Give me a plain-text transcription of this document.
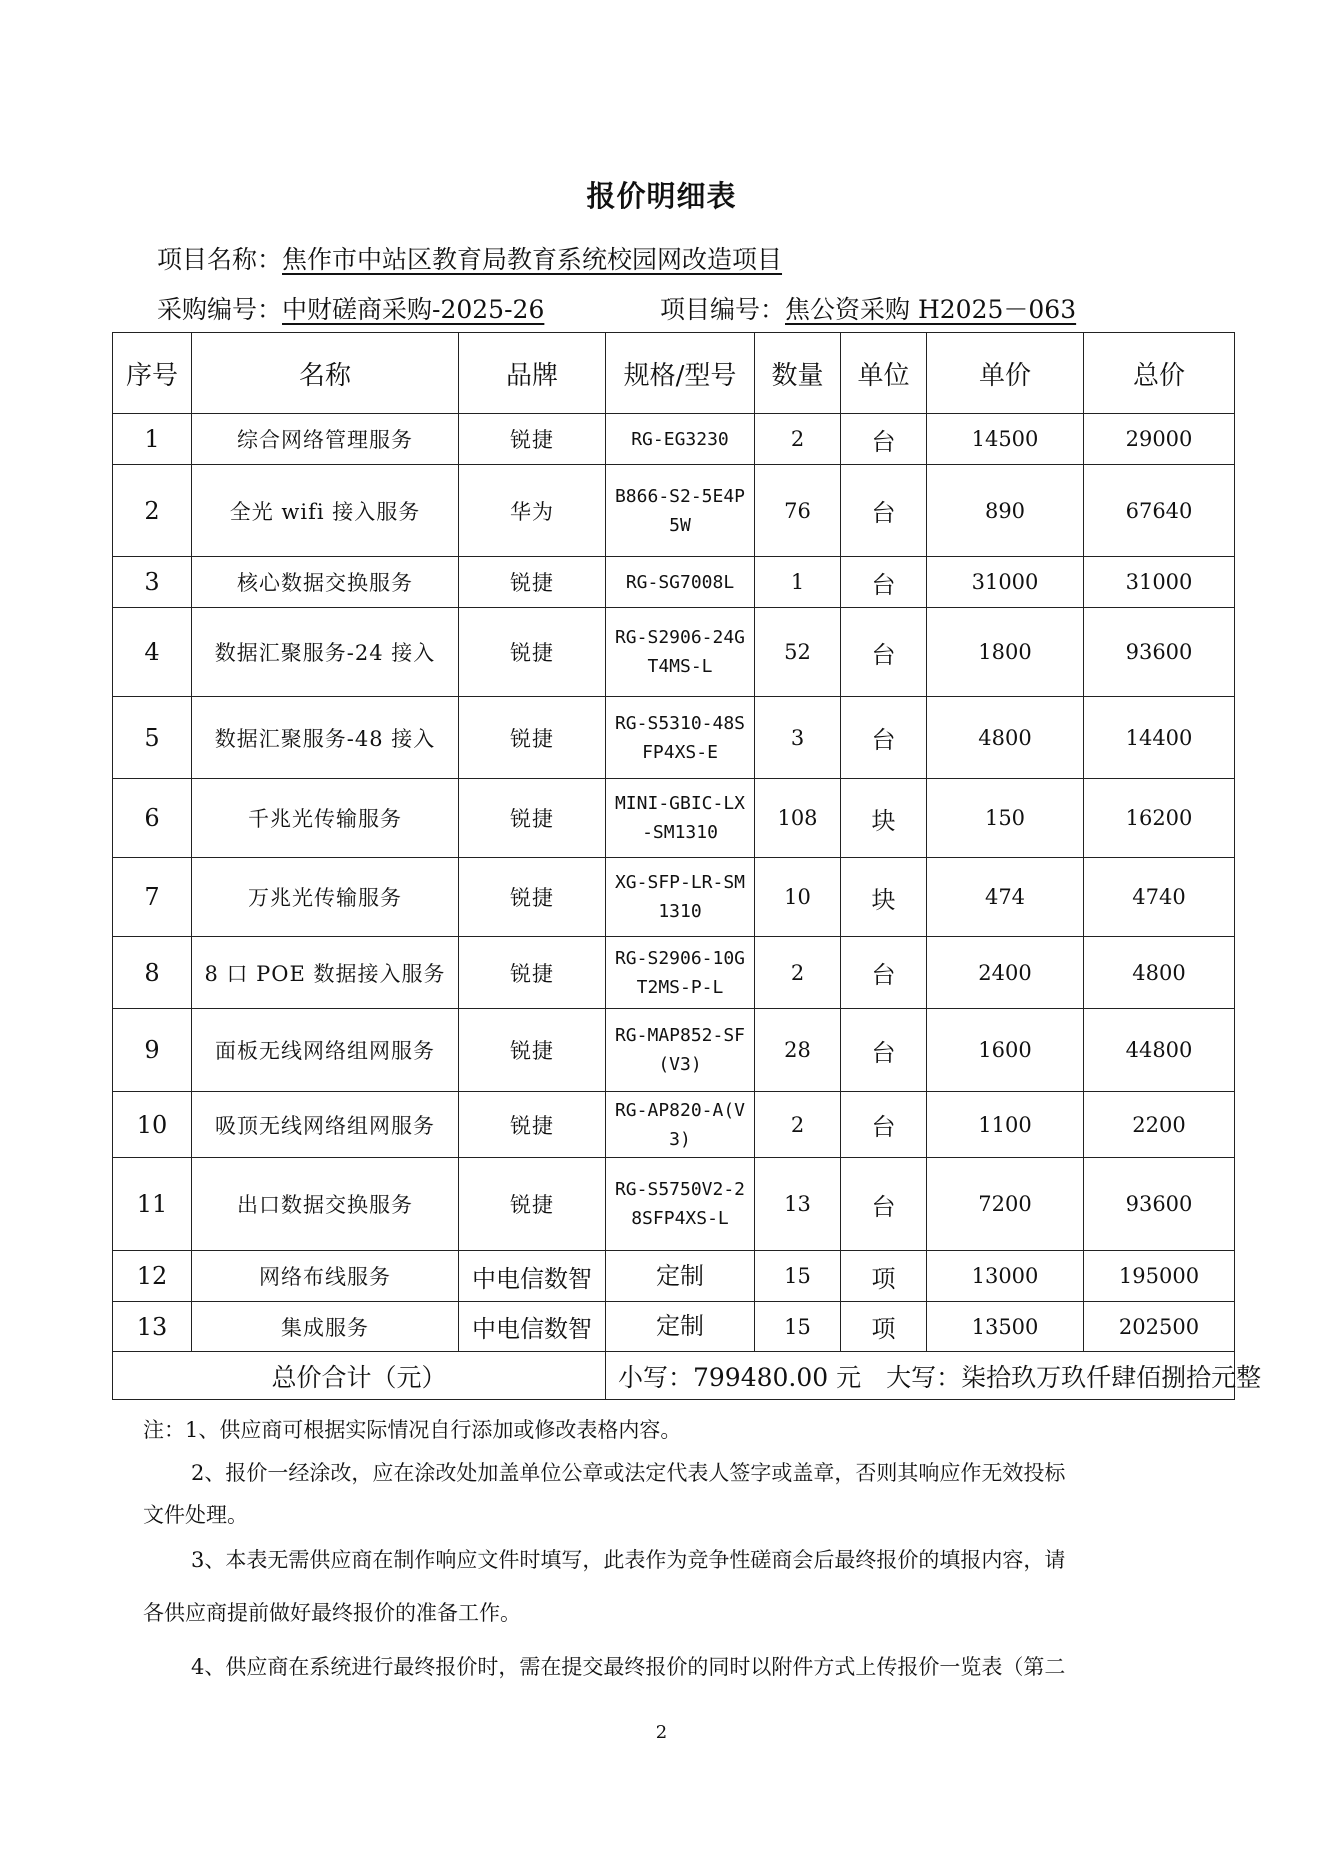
报价明细表
项目名称：焦作市中站区教育局教育系统校园网改造项目
采购编号：中财磋商采购-2025-26	项目编号：焦公资采购 H2025－063
序号	名称	品牌	规格/型号	数量	单位	单价	总价
1	综合网络管理服务	锐捷	RG-EG3230	2	台	14500	29000
2	全光 wifi 接入服务	华为	B866-S2-5E4P5W	76	台	890	67640
3	核心数据交换服务	锐捷	RG-SG7008L	1	台	31000	31000
4	数据汇聚服务-24 接入	锐捷	RG-S2906-24GT4MS-L	52	台	1800	93600
5	数据汇聚服务-48 接入	锐捷	RG-S5310-48SFP4XS-E	3	台	4800	14400
6	千兆光传输服务	锐捷	MINI-GBIC-LX-SM1310	108	块	150	16200
7	万兆光传输服务	锐捷	XG-SFP-LR-SM1310	10	块	474	4740
8	8 口 POE 数据接入服务	锐捷	RG-S2906-10GT2MS-P-L	2	台	2400	4800
9	面板无线网络组网服务	锐捷	RG-MAP852-SF(V3)	28	台	1600	44800
10	吸顶无线网络组网服务	锐捷	RG-AP820-A(V3)	2	台	1100	2200
11	出口数据交换服务	锐捷	RG-S5750V2-28SFP4XS-L	13	台	7200	93600
12	网络布线服务	中电信数智	定制	15	项	13000	195000
13	集成服务	中电信数智	定制	15	项	13500	202500
总价合计（元）			小写：799480.00 元　大写：柒拾玖万玖仟肆佰捌拾元整				
注：1、供应商可根据实际情况自行添加或修改表格内容。
2、报价一经涂改，应在涂改处加盖单位公章或法定代表人签字或盖章，否则其响应作无效投标
文件处理。
3、本表无需供应商在制作响应文件时填写，此表作为竞争性磋商会后最终报价的填报内容，请
各供应商提前做好最终报价的准备工作。
4、供应商在系统进行最终报价时，需在提交最终报价的同时以附件方式上传报价一览表（第二
2
